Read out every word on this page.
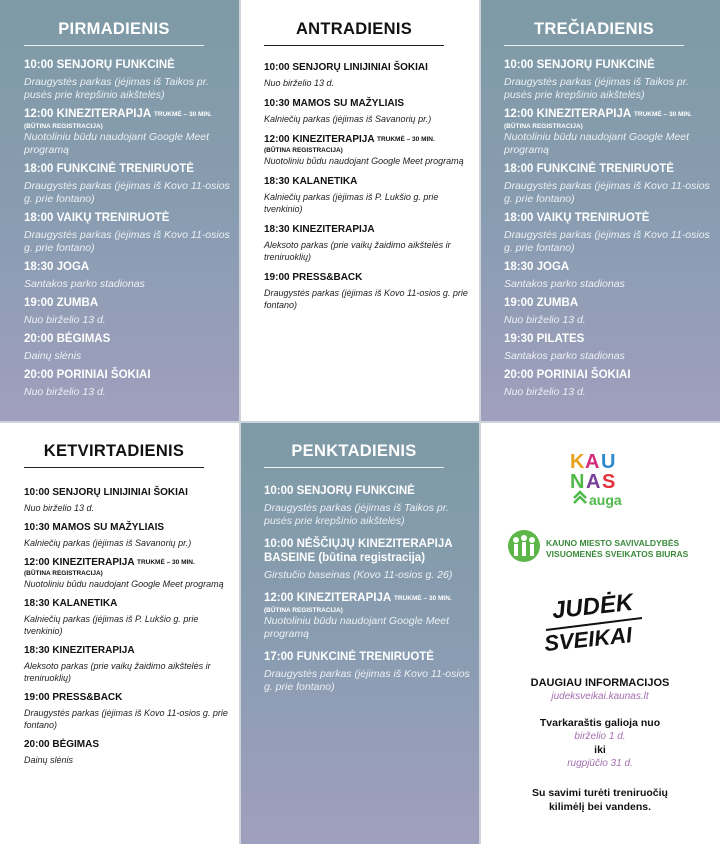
PIRMADIENIS
10:00 SENJORŲ FUNKCINĖ
Draugystės parkas (įėjimas iš Taikos pr. pusės prie krepšinio aikštelės)
12:00 KINEZITERAPIJA TRUKMĖ – 30 MIN.
(BŪTINA REGISTRACIJA)
Nuotoliniu būdu naudojant Google Meet programą
18:00 FUNKCINĖ TRENIRUOTĖ
Draugystės parkas (įėjimas iš Kovo 11-osios g. prie fontano)
18:00 VAIKŲ TRENIRUOTĖ
Draugystės parkas (įėjimas iš Kovo 11-osios g. prie fontano)
18:30 JOGA
Santakos parko stadionas
19:00 ZUMBA
Nuo birželio 13 d.
20:00 BĖGIMAS
Dainų slėnis
20:00 PORINIAI ŠOKIAI
Nuo birželio 13 d.
ANTRADIENIS
10:00 SENJORŲ LINIJINIAI ŠOKIAI
Nuo birželio 13 d.
10:30 MAMOS SU MAŽYLIAIS
Kalniečių parkas (įėjimas iš Savanorių pr.)
12:00 KINEZITERAPIJA TRUKMĖ – 30 MIN.
(BŪTINA REGISTRACIJA)
Nuotoliniu būdu naudojant Google Meet programą
18:30 KALANETIKA
Kalniečių parkas (įėjimas iš P. Lukšio g. prie tvenkinio)
18:30 KINEZITERAPIJA
Aleksoto parkas (prie vaikų žaidimo aikštelės ir treniruoklių)
19:00 PRESS&BACK
Draugystės parkas (įėjimas iš Kovo 11-osios g. prie fontano)
TREČIADIENIS
10:00 SENJORŲ FUNKCINĖ
Draugystės parkas (įėjimas iš Taikos pr. pusės prie krepšinio aikštelės)
12:00 KINEZITERAPIJA TRUKMĖ – 30 MIN.
(BŪTINA REGISTRACIJA)
Nuotoliniu būdu naudojant Google Meet programą
18:00 FUNKCINĖ TRENIRUOTĖ
Draugystės parkas (įėjimas iš Kovo 11-osios g. prie fontano)
18:00 VAIKŲ TRENIRUOTĖ
Draugystės parkas (įėjimas iš Kovo 11-osios g. prie fontano)
18:30 JOGA
Santakos parko stadionas
19:00 ZUMBA
Nuo birželio 13 d.
19:30 PILATES
Santakos parko stadionas
20:00 PORINIAI ŠOKIAI
Nuo birželio 13 d.
KETVIRTADIENIS
10:00 SENJORŲ LINIJINIAI ŠOKIAI
Nuo birželio 13 d.
10:30 MAMOS SU MAŽYLIAIS
Kalniečių parkas (įėjimas iš Savanorių pr.)
12:00 KINEZITERAPIJA TRUKMĖ – 30 MIN.
(BŪTINA REGISTRACIJA)
Nuotoliniu būdu naudojant Google Meet programą
18:30 KALANETIKA
Kalniečių parkas (įėjimas iš P. Lukšio g. prie tvenkinio)
18:30 KINEZITERAPIJA
Aleksoto parkas (prie vaikų žaidimo aikštelės ir treniruoklių)
19:00 PRESS&BACK
Draugystės parkas (įėjimas iš Kovo 11-osios g. prie fontano)
20:00 BĖGIMAS
Dainų slėnis
PENKTADIENIS
10:00 SENJORŲ FUNKCINĖ
Draugystės parkas (įėjimas iš Taikos pr. pusės prie krepšinio aikštelės)
10:00 NĖŠČIŲJŲ KINEZITERAPIJA BASEINE (būtina registracija)
Girstučio baseinas (Kovo 11-osios g. 26)
12:00 KINEZITERAPIJA TRUKMĖ – 30 MIN.
(BŪTINA REGISTRACIJA)
Nuotoliniu būdu naudojant Google Meet programą
17:00 FUNKCINĖ TRENIRUOTĖ
Draugystės parkas (įėjimas iš Kovo 11-osios g. prie fontano)
K A U
N A S
auga
KAUNO MIESTO SAVIVALDYBĖS
VISUOMENĖS SVEIKATOS BIURAS
JUDĖK
SVEIKAI
DAUGIAU INFORMACIJOS
judeksveikai.kaunas.lt
Tvarkaraštis galioja nuo
birželio 1 d.
iki
rugpjūčio 31 d.
Su savimi turėti treniruočių
kilimėlį bei vandens.
